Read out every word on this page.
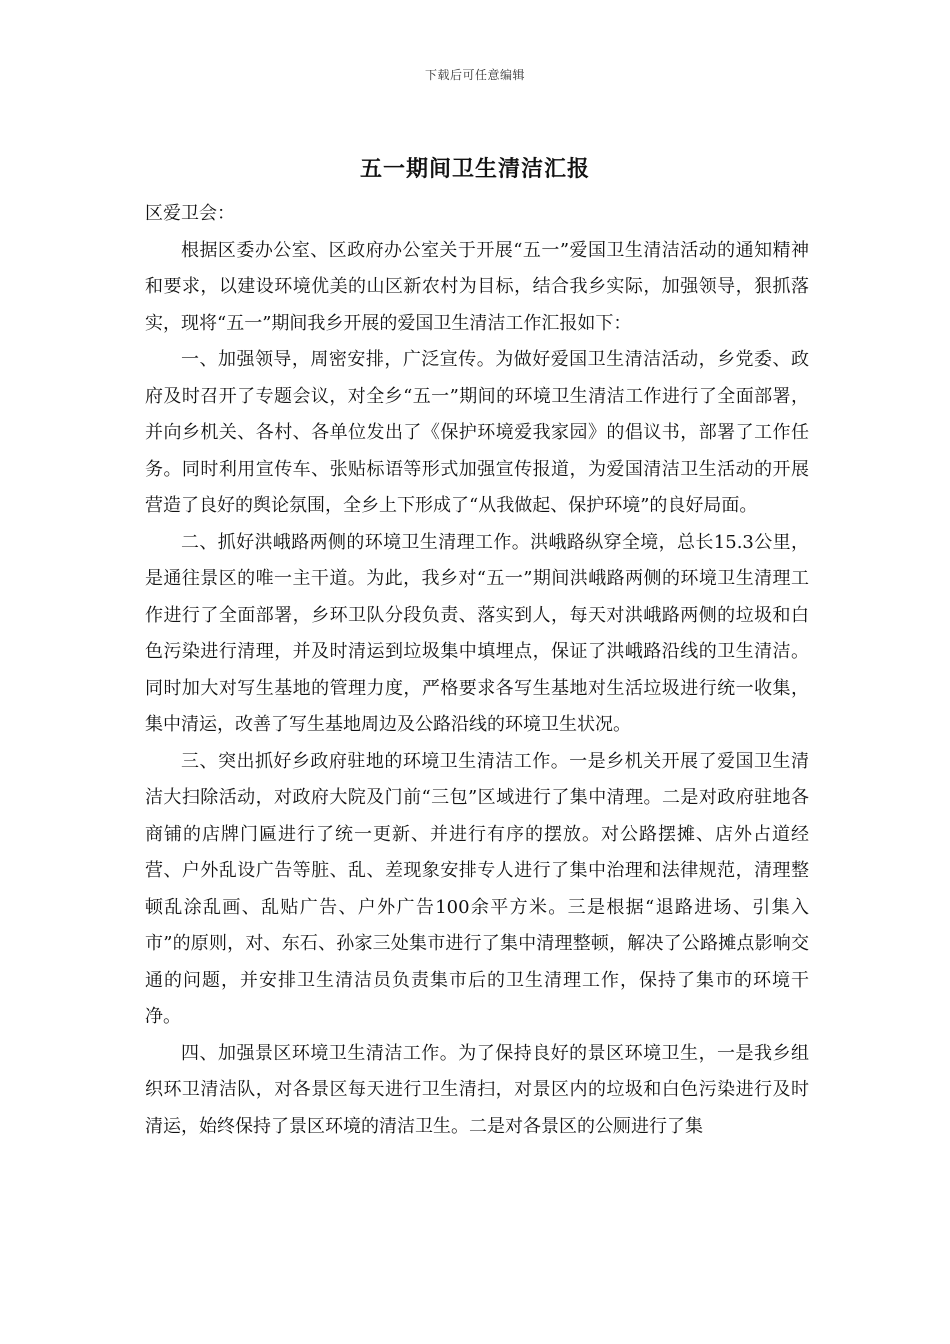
下载后可任意编辑
五一期间卫生清洁汇报

区爱卫会：

根据区委办公室、区政府办公室关于开展“五一”爱国卫生清洁活动的通知精神和要求，以建设环境优美的山区新农村为目标，结合我乡实际，加强领导，狠抓落实，现将“五一”期间我乡开展的爱国卫生清洁工作汇报如下：

一、加强领导，周密安排，广泛宣传。为做好爱国卫生清洁活动，乡党委、政府及时召开了专题会议，对全乡“五一”期间的环境卫生清洁工作进行了全面部署，并向乡机关、各村、各单位发出了《保护环境爱我家园》的倡议书，部署了工作任务。同时利用宣传车、张贴标语等形式加强宣传报道，为爱国清洁卫生活动的开展营造了良好的舆论氛围，全乡上下形成了“从我做起、保护环境”的良好局面。

二、抓好洪峨路两侧的环境卫生清理工作。洪峨路纵穿全境，总长15.3公里，是通往景区的唯一主干道。为此，我乡对“五一”期间洪峨路两侧的环境卫生清理工作进行了全面部署，乡环卫队分段负责、落实到人，每天对洪峨路两侧的垃圾和白色污染进行清理，并及时清运到垃圾集中填埋点，保证了洪峨路沿线的卫生清洁。同时加大对写生基地的管理力度，严格要求各写生基地对生活垃圾进行统一收集，集中清运，改善了写生基地周边及公路沿线的环境卫生状况。

三、突出抓好乡政府驻地的环境卫生清洁工作。一是乡机关开展了爱国卫生清洁大扫除活动，对政府大院及门前“三包”区域进行了集中清理。二是对政府驻地各商铺的店牌门匾进行了统一更新、并进行有序的摆放。对公路摆摊、店外占道经营、户外乱设广告等脏、乱、差现象安排专人进行了集中治理和法律规范，清理整顿乱涂乱画、乱贴广告、户外广告100余平方米。三是根据“退路进场、引集入市”的原则，对、东石、孙家三处集市进行了集中清理整顿，解决了公路摊点影响交通的问题，并安排卫生清洁员负责集市后的卫生清理工作，保持了集市的环境干净。

四、加强景区环境卫生清洁工作。为了保持良好的景区环境卫生，一是我乡组织环卫清洁队，对各景区每天进行卫生清扫，对景区内的垃圾和白色污染进行及时清运，始终保持了景区环境的清洁卫生。二是对各景区的公厕进行了集
